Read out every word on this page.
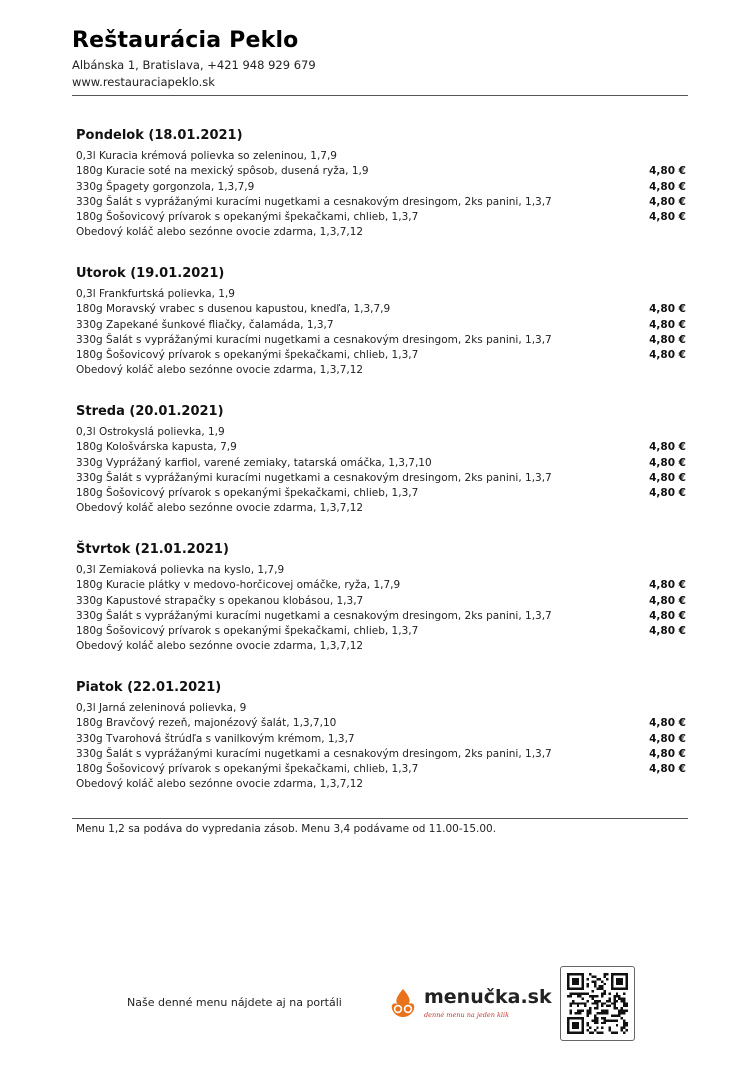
Reštaurácia Peklo
Albánska 1, Bratislava, +421 948 929 679
www.restauraciapeklo.sk
Pondelok (18.01.2021)
0,3l Kuracia krémová polievka so zeleninou, 1,7,9
180g Kuracie soté na mexický spôsob, dusená ryža, 1,9	4,80 €
330g Špagety gorgonzola, 1,3,7,9	4,80 €
330g Šalát s vyprážanými kuracími nugetkami a cesnakovým dresingom, 2ks panini, 1,3,7	4,80 €
180g Šošovicový prívarok s opekanými špekačkami, chlieb, 1,3,7	4,80 €
Obedový koláč alebo sezónne ovocie zdarma, 1,3,7,12
Utorok (19.01.2021)
0,3l Frankfurtská polievka, 1,9
180g Moravský vrabec s dusenou kapustou, knedľa, 1,3,7,9	4,80 €
330g Zapekané šunkové fliačky, čalamáda, 1,3,7	4,80 €
330g Šalát s vyprážanými kuracími nugetkami a cesnakovým dresingom, 2ks panini, 1,3,7	4,80 €
180g Šošovicový prívarok s opekanými špekačkami, chlieb, 1,3,7	4,80 €
Obedový koláč alebo sezónne ovocie zdarma, 1,3,7,12
Streda (20.01.2021)
0,3l Ostrokyslá polievka, 1,9
180g Kološvárska kapusta, 7,9	4,80 €
330g Vyprážaný karfiol, varené zemiaky, tatarská omáčka, 1,3,7,10	4,80 €
330g Šalát s vyprážanými kuracími nugetkami a cesnakovým dresingom, 2ks panini, 1,3,7	4,80 €
180g Šošovicový prívarok s opekanými špekačkami, chlieb, 1,3,7	4,80 €
Obedový koláč alebo sezónne ovocie zdarma, 1,3,7,12
Štvrtok (21.01.2021)
0,3l Zemiaková polievka na kyslo, 1,7,9
180g Kuracie plátky v medovo-horčicovej omáčke, ryža, 1,7,9	4,80 €
330g Kapustové strapačky s opekanou klobásou, 1,3,7	4,80 €
330g Šalát s vyprážanými kuracími nugetkami a cesnakovým dresingom, 2ks panini, 1,3,7	4,80 €
180g Šošovicový prívarok s opekanými špekačkami, chlieb, 1,3,7	4,80 €
Obedový koláč alebo sezónne ovocie zdarma, 1,3,7,12
Piatok (22.01.2021)
0,3l Jarná zeleninová polievka, 9
180g Bravčový rezeň, majonézový šalát, 1,3,7,10	4,80 €
330g Tvarohová štrúdľa s vanilkovým krémom, 1,3,7	4,80 €
330g Šalát s vyprážanými kuracími nugetkami a cesnakovým dresingom, 2ks panini, 1,3,7	4,80 €
180g Šošovicový prívarok s opekanými špekačkami, chlieb, 1,3,7	4,80 €
Obedový koláč alebo sezónne ovocie zdarma, 1,3,7,12
Menu 1,2 sa podáva do vypredania zásob. Menu 3,4 podávame od 11.00-15.00.
Naše denné menu nájdete aj na portáli	menučka.sk
denné menu na jeden klik
